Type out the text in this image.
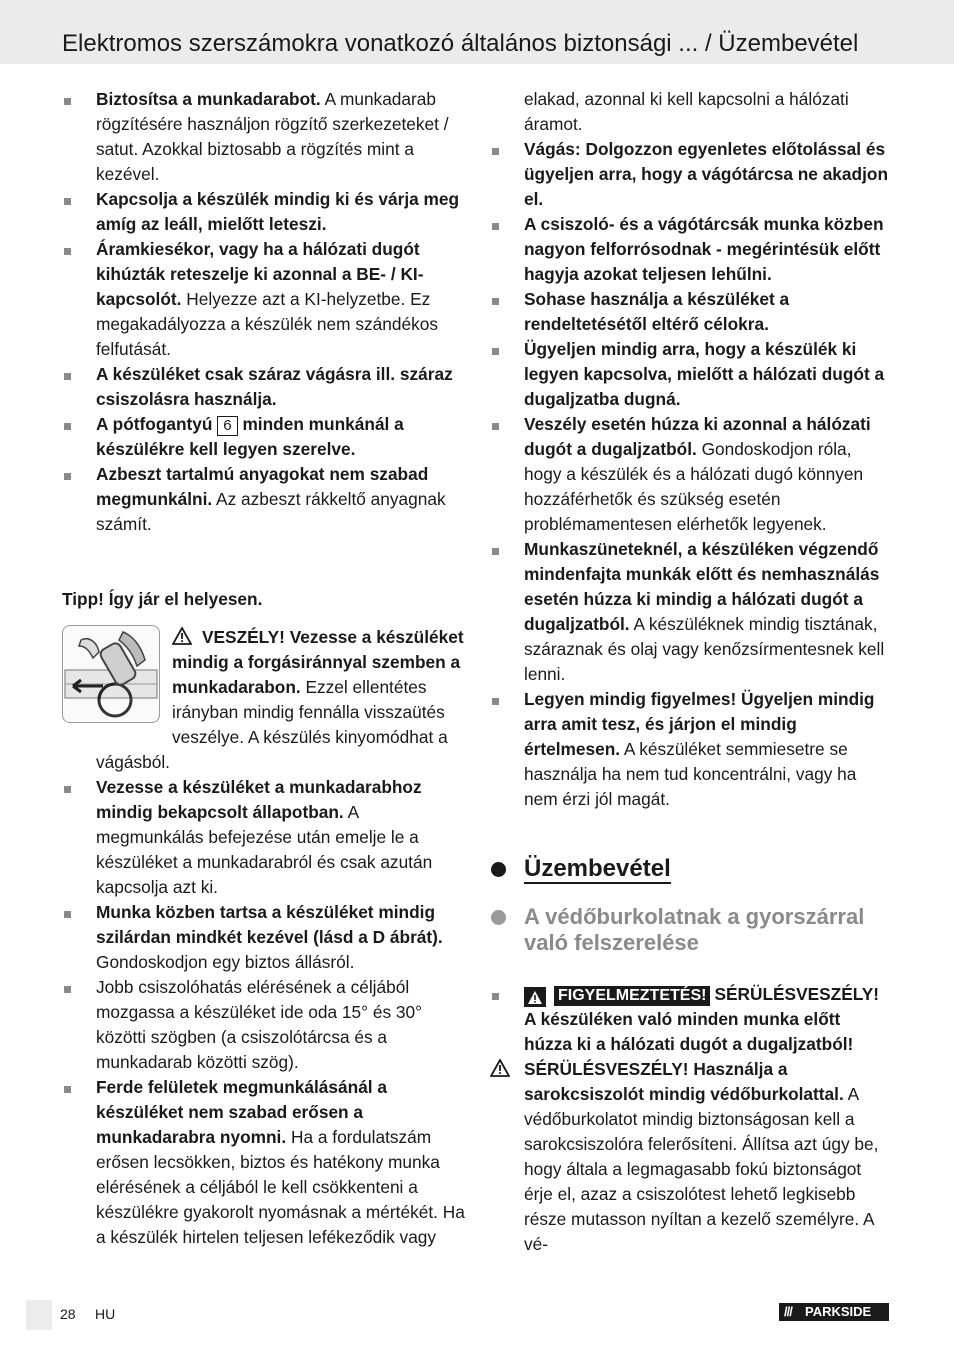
Elektromos szerszámokra vonatkozó általános biztonsági ... / Üzembevétel

Biztosítsa a munkadarabot. A munkadarab rögzítésére használjon rögzítő szerkezeteket / satut. Azokkal biztosabb a rögzítés mint a kezével.

Kapcsolja a készülék mindig ki és várja meg amíg az leáll, mielőtt leteszi.

Áramkiesékor, vagy ha a hálózati dugót kihúzták reteszelje ki azonnal a BE- / KI-kapcsolót. Helyezze azt a KI-helyzetbe. Ez megakadályozza a készülék nem szándékos felfutását.

A készüléket csak száraz vágásra ill. száraz csiszolásra használja.

A pótfogantyú 6 minden munkánál a készülékre kell legyen szerelve.

Azbeszt tartalmú anyagokat nem szabad megmunkálni. Az azbeszt rákkeltő anyagnak számít.

Tipp! Így jár el helyesen.

VESZÉLY! Vezesse a készüléket mindig a forgásiránnyal szemben a munkadarabon. Ezzel ellentétes irányban mindig fennálla visszaütés veszélye. A készülés kinyomódhat a vágásból.

Vezesse a készüléket a munkadarabhoz mindig bekapcsolt állapotban. A megmunkálás befejezése után emelje le a készüléket a munkadarabról és csak azután kapcsolja azt ki.

Munka közben tartsa a készüléket mindig szilárdan mindkét kezével (lásd a D ábrát). Gondoskodjon egy biztos állásról.

Jobb csiszolóhatás elérésének a céljából mozgassa a készüléket ide oda 15° és 30° közötti szögben (a csiszolótárcsa és a munkadarab közötti szög).

Ferde felületek megmunkálásánál a készüléket nem szabad erősen a munkadarabra nyomni. Ha a fordulatszám erősen lecsökken, biztos és hatékony munka elérésének a céljából le kell csökkenteni a készülékre gyakorolt nyomásnak a mértékét. Ha a készülék hirtelen teljesen lefékeződik vagy

elakad, azonnal ki kell kapcsolni a hálózati áramot.

Vágás: Dolgozzon egyenletes előtolással és ügyeljen arra, hogy a vágótárcsa ne akadjon el.

A csiszoló- és a vágótárcsák munka közben nagyon felforrósodnak - megérintésük előtt hagyja azokat teljesen lehűlni.

Sohase használja a készüléket a rendeltetésétől eltérő célokra.

Ügyeljen mindig arra, hogy a készülék ki legyen kapcsolva, mielőtt a hálózati dugót a dugaljzatba dugná.

Veszély esetén húzza ki azonnal a hálózati dugót a dugaljzatból. Gondoskodjon róla, hogy a készülék és a hálózati dugó könnyen hozzáférhetők és szükség esetén problémamentesen elérhetők legyenek.

Munkaszüneteknél, a készüléken végzendő mindenfajta munkák előtt és nemhasználás esetén húzza ki mindig a hálózati dugót a dugaljzatból. A készüléknek mindig tisztának, száraznak és olaj vagy kenőzsírmentesnek kell lenni.

Legyen mindig figyelmes! Ügyeljen mindig arra amit tesz, és járjon el mindig értelmesen. A készüléket semmiesetre se használja ha nem tud koncentrálni, vagy ha nem érzi jól magát.

Üzembevétel
A védőburkolatnak a gyorszárral való felszerelése

FIGYELMEZTETÉS! SÉRÜLÉSVESZÉLY! A készüléken való minden munka előtt húzza ki a hálózati dugót a dugaljzatból!

SÉRÜLÉSVESZÉLY! Használja a sarokcsiszolót mindig védőburkolattal. A védőburkolatot mindig biztonságosan kell a sarokcsiszolóra felerősíteni. Állítsa azt úgy be, hogy általa a legmagasabb fokú biztonságot érje el, azaz a csiszolótest lehető legkisebb része mutasson nyíltan a kezelő személyre. A vé-

28 HU	/// PARKSIDE
